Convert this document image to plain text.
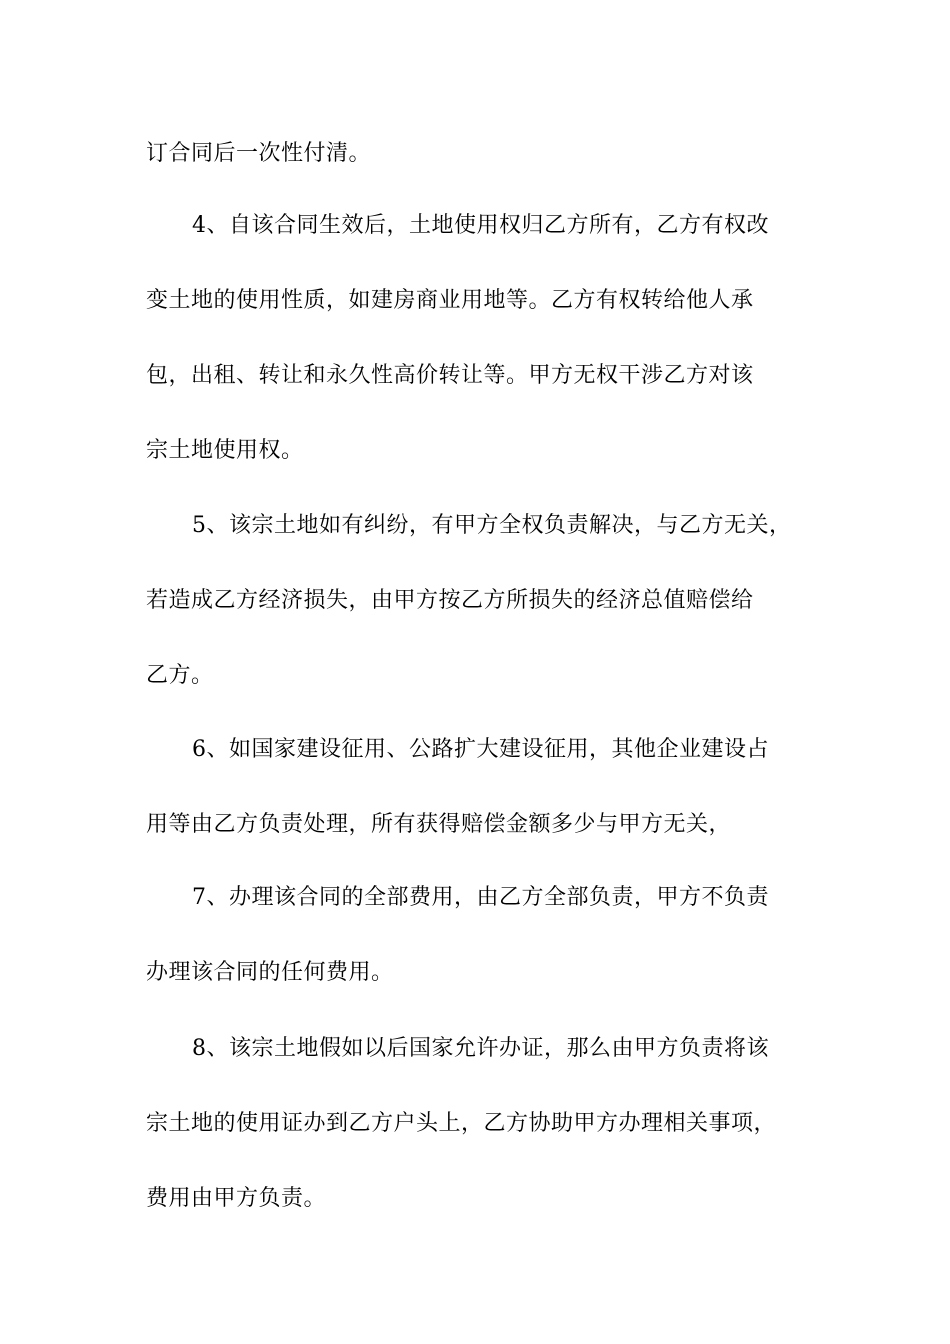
订合同后一次性付清。
4、自该合同生效后，土地使用权归乙方所有，乙方有权改
变土地的使用性质，如建房商业用地等。乙方有权转给他人承
包，出租、转让和永久性高价转让等。甲方无权干涉乙方对该
宗土地使用权。
5、该宗土地如有纠纷，有甲方全权负责解决，与乙方无关，
若造成乙方经济损失，由甲方按乙方所损失的经济总值赔偿给
乙方。
6、如国家建设征用、公路扩大建设征用，其他企业建设占
用等由乙方负责处理，所有获得赔偿金额多少与甲方无关，
7、办理该合同的全部费用，由乙方全部负责，甲方不负责
办理该合同的任何费用。
8、该宗土地假如以后国家允许办证，那么由甲方负责将该
宗土地的使用证办到乙方户头上，乙方协助甲方办理相关事项，
费用由甲方负责。
